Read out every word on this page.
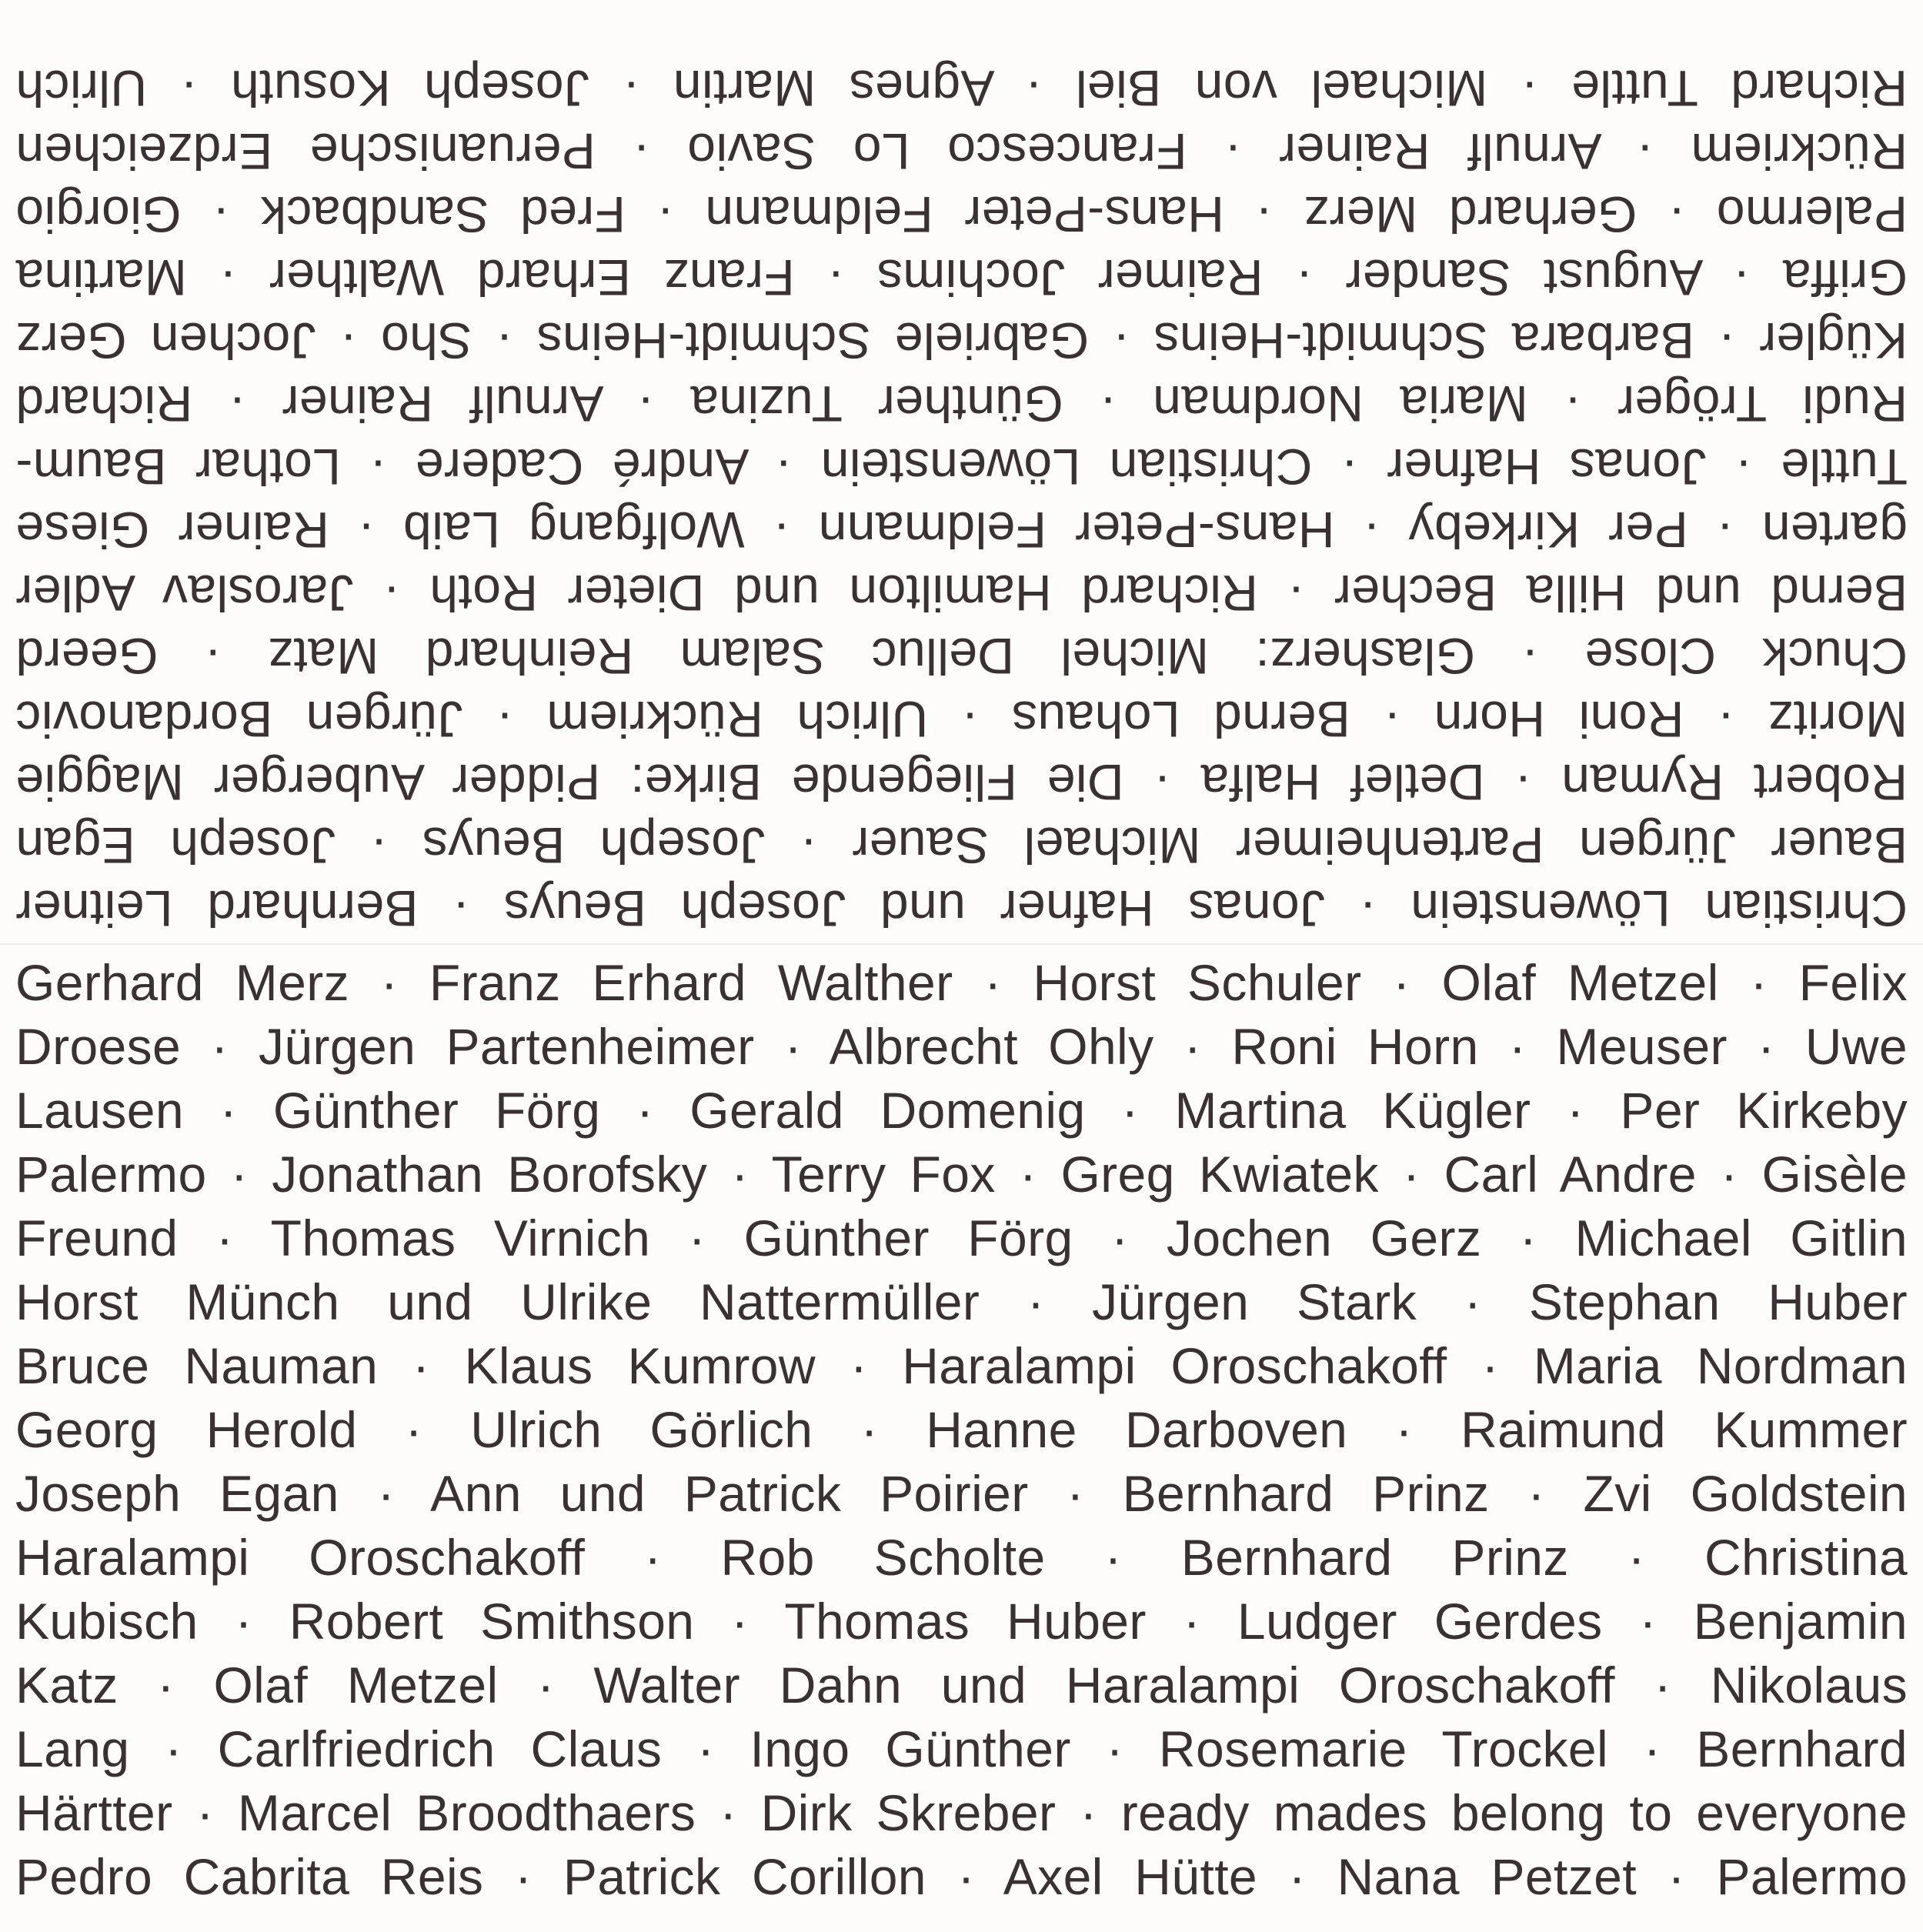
Christian Löwenstein · Jonas Hafner und Joseph Beuys · Bernhard Leitner
Bauer Jürgen Partenheimer Michael Sauer · Joseph Beuys · Joseph Egan
Robert Ryman · Detlef Halfa · Die Fliegende Birke: Pidder Auberger Maggie
Moritz · Roni Horn · Bernd Lohaus · Ulrich Rückriem · Jürgen Bordanovic
Chuck Close · Glasherz: Michel Delluc Salam Reinhard Matz · Geerd
Bernd und Hilla Becher · Richard Hamilton und Dieter Roth · Jaroslav Adler
garten · Per Kirkeby · Hans-Peter Feldmann · Wolfgang Laib · Rainer Giese
Tuttle · Jonas Hafner · Christian Löwenstein · André Cadere · Lothar Baum-
Rudi Tröger · Maria Nordman · Günther Tuzina · Arnulf Rainer · Richard
Kügler · Barbara Schmidt-Heins · Gabriele Schmidt-Heins · Sho · Jochen Gerz
Griffa · August Sander · Raimer Jochims · Franz Erhard Walther · Martina
Palermo · Gerhard Merz · Hans-Peter Feldmann · Fred Sandback · Giorgio
Rückriem · Arnulf Rainer · Francesco Lo Savio · Peruanische Erdzeichen
Richard Tuttle · Michael von Biel · Agnes Martin · Joseph Kosuth · Ulrich
Gerhard Merz · Franz Erhard Walther · Horst Schuler · Olaf Metzel · Felix
Droese · Jürgen Partenheimer · Albrecht Ohly · Roni Horn · Meuser · Uwe
Lausen · Günther Förg · Gerald Domenig · Martina Kügler · Per Kirkeby
Palermo · Jonathan Borofsky · Terry Fox · Greg Kwiatek · Carl Andre · Gisèle
Freund · Thomas Virnich · Günther Förg · Jochen Gerz · Michael Gitlin
Horst Münch und Ulrike Nattermüller · Jürgen Stark · Stephan Huber
Bruce Nauman · Klaus Kumrow · Haralampi Oroschakoff · Maria Nordman
Georg Herold · Ulrich Görlich · Hanne Darboven · Raimund Kummer
Joseph Egan · Ann und Patrick Poirier · Bernhard Prinz · Zvi Goldstein
Haralampi Oroschakoff · Rob Scholte · Bernhard Prinz · Christina
Kubisch · Robert Smithson · Thomas Huber · Ludger Gerdes · Benjamin
Katz · Olaf Metzel · Walter Dahn und Haralampi Oroschakoff · Nikolaus
Lang · Carlfriedrich Claus · Ingo Günther · Rosemarie Trockel · Bernhard
Härtter · Marcel Broodthaers · Dirk Skreber · ready mades belong to everyone
Pedro Cabrita Reis · Patrick Corillon · Axel Hütte · Nana Petzet · Palermo
